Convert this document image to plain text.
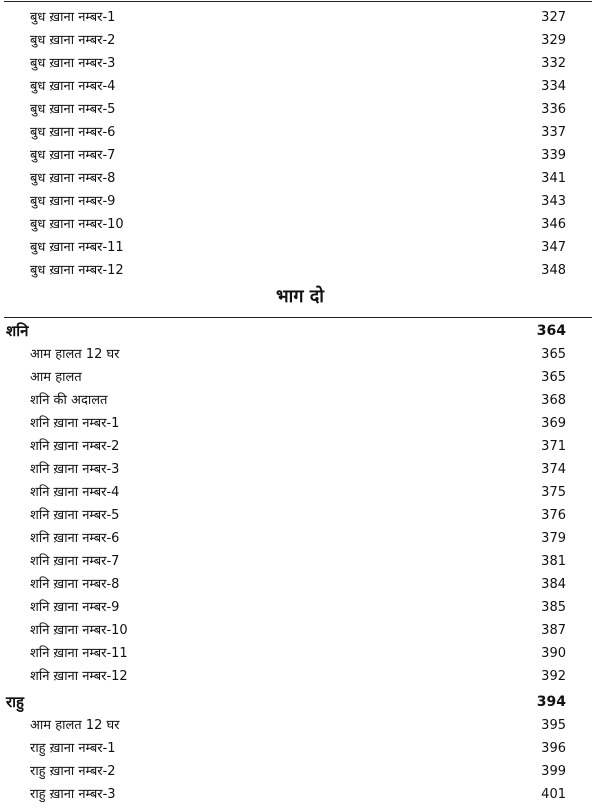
बुध ख़ाना नम्बर-1	327
बुध ख़ाना नम्बर-2	329
बुध ख़ाना नम्बर-3	332
बुध ख़ाना नम्बर-4	334
बुध ख़ाना नम्बर-5	336
बुध ख़ाना नम्बर-6	337
बुध ख़ाना नम्बर-7	339
बुध ख़ाना नम्बर-8	341
बुध ख़ाना नम्बर-9	343
बुध ख़ाना नम्बर-10	346
बुध ख़ाना नम्बर-11	347
बुध ख़ाना नम्बर-12	348
भाग दो
शनि	364
आम हालत 12 घर	365
आम हालत	365
शनि की अदालत	368
शनि ख़ाना नम्बर-1	369
शनि ख़ाना नम्बर-2	371
शनि ख़ाना नम्बर-3	374
शनि ख़ाना नम्बर-4	375
शनि ख़ाना नम्बर-5	376
शनि ख़ाना नम्बर-6	379
शनि ख़ाना नम्बर-7	381
शनि ख़ाना नम्बर-8	384
शनि ख़ाना नम्बर-9	385
शनि ख़ाना नम्बर-10	387
शनि ख़ाना नम्बर-11	390
शनि ख़ाना नम्बर-12	392
राहु	394
आम हालत 12 घर	395
राहु ख़ाना नम्बर-1	396
राहु ख़ाना नम्बर-2	399
राहु ख़ाना नम्बर-3	401
